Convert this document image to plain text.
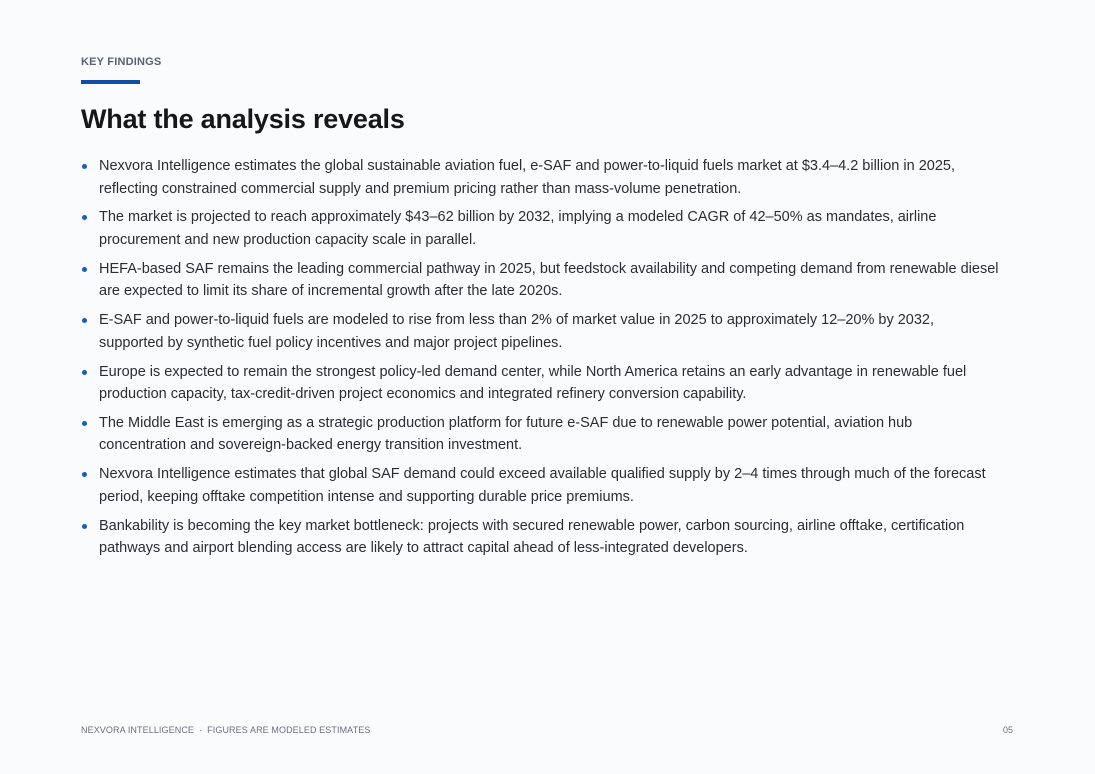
KEY FINDINGS
What the analysis reveals
Nexvora Intelligence estimates the global sustainable aviation fuel, e-SAF and power-to-liquid fuels market at $3.4–4.2 billion in 2025, reflecting constrained commercial supply and premium pricing rather than mass-volume penetration.
The market is projected to reach approximately $43–62 billion by 2032, implying a modeled CAGR of 42–50% as mandates, airline procurement and new production capacity scale in parallel.
HEFA-based SAF remains the leading commercial pathway in 2025, but feedstock availability and competing demand from renewable diesel are expected to limit its share of incremental growth after the late 2020s.
E-SAF and power-to-liquid fuels are modeled to rise from less than 2% of market value in 2025 to approximately 12–20% by 2032, supported by synthetic fuel policy incentives and major project pipelines.
Europe is expected to remain the strongest policy-led demand center, while North America retains an early advantage in renewable fuel production capacity, tax-credit-driven project economics and integrated refinery conversion capability.
The Middle East is emerging as a strategic production platform for future e-SAF due to renewable power potential, aviation hub concentration and sovereign-backed energy transition investment.
Nexvora Intelligence estimates that global SAF demand could exceed available qualified supply by 2–4 times through much of the forecast period, keeping offtake competition intense and supporting durable price premiums.
Bankability is becoming the key market bottleneck: projects with secured renewable power, carbon sourcing, airline offtake, certification pathways and airport blending access are likely to attract capital ahead of less-integrated developers.
NEXVORA INTELLIGENCE · FIGURES ARE MODELED ESTIMATES	05
